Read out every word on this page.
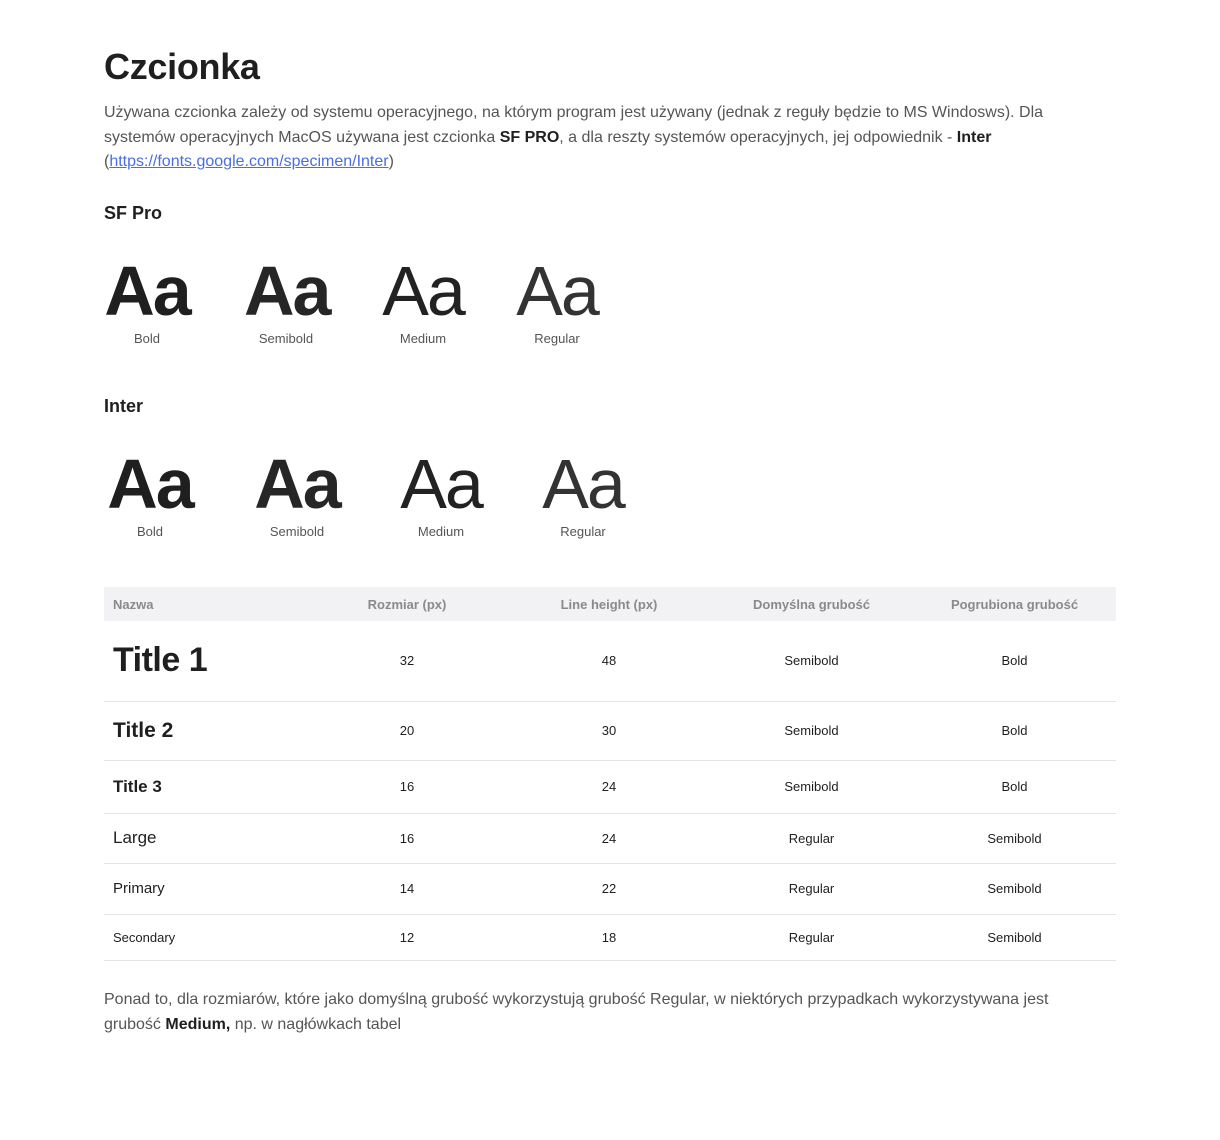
Czcionka

Używana czcionka zależy od systemu operacyjnego, na którym program jest używany (jednak z reguły będzie to MS Windosws). Dla systemów operacyjnych MacOS używana jest czcionka SF PRO, a dla reszty systemów operacyjnych, jej odpowiednik - Inter (https://fonts.google.com/specimen/Inter)

SF Pro
Aa
Bold
Aa
Semibold
Aa
Medium
Aa
Regular
Inter
Aa
Bold
Aa
Semibold
Aa
Medium
Aa
Regular
Nazwa	Rozmiar (px)	Line height (px)	Domyślna grubość	Pogrubiona grubość
Title 1	32	48	Semibold	Bold
Title 2	20	30	Semibold	Bold
Title 3	16	24	Semibold	Bold
Large	16	24	Regular	Semibold
Primary	14	22	Regular	Semibold
Secondary	12	18	Regular	Semibold

Ponad to, dla rozmiarów, które jako domyślną grubość wykorzystują grubość Regular, w niektórych przypadkach wykorzystywana jest grubość Medium, np. w nagłówkach tabel
